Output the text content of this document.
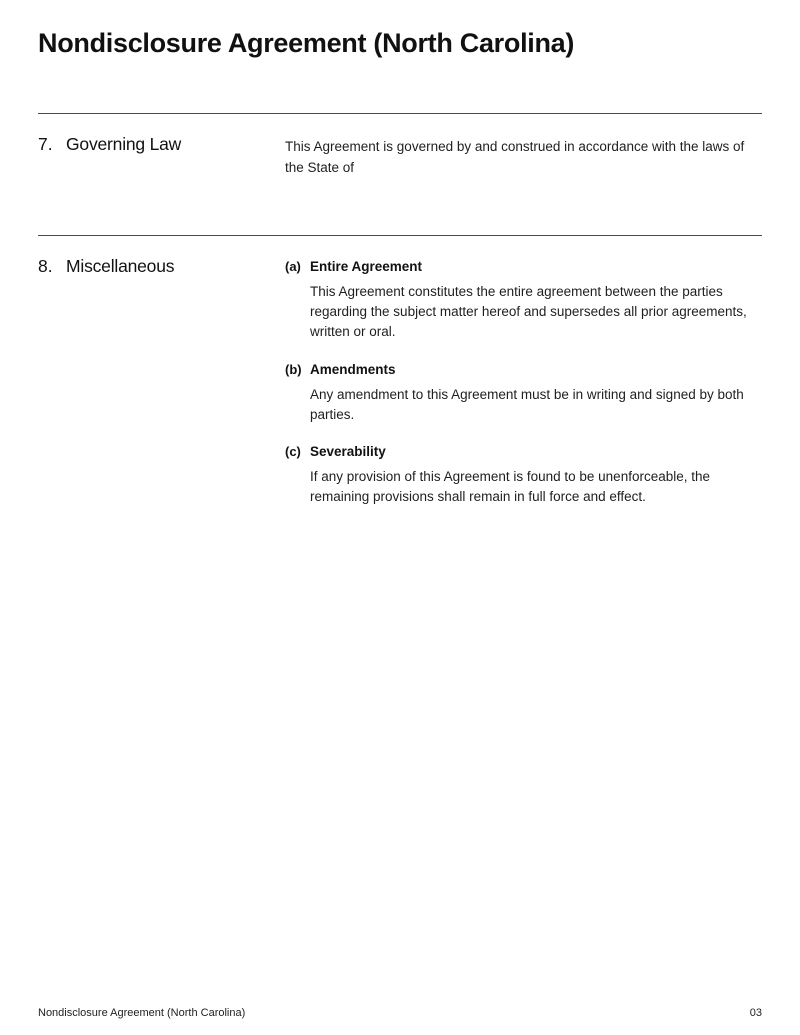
Nondisclosure Agreement (North Carolina)
7. Governing Law	This Agreement is governed by and construed in accordance with the laws of the State of

8. Miscellaneous	(a) Entire Agreement

This Agreement constitutes the entire agreement between the parties regarding the subject matter hereof and supersedes all prior agreements, written or oral.

(b) Amendments

Any amendment to this Agreement must be in writing and signed by both parties.

(c) Severability

If any provision of this Agreement is found to be unenforceable, the remaining provisions shall remain in full force and effect.

Nondisclosure Agreement (North Carolina)	03
